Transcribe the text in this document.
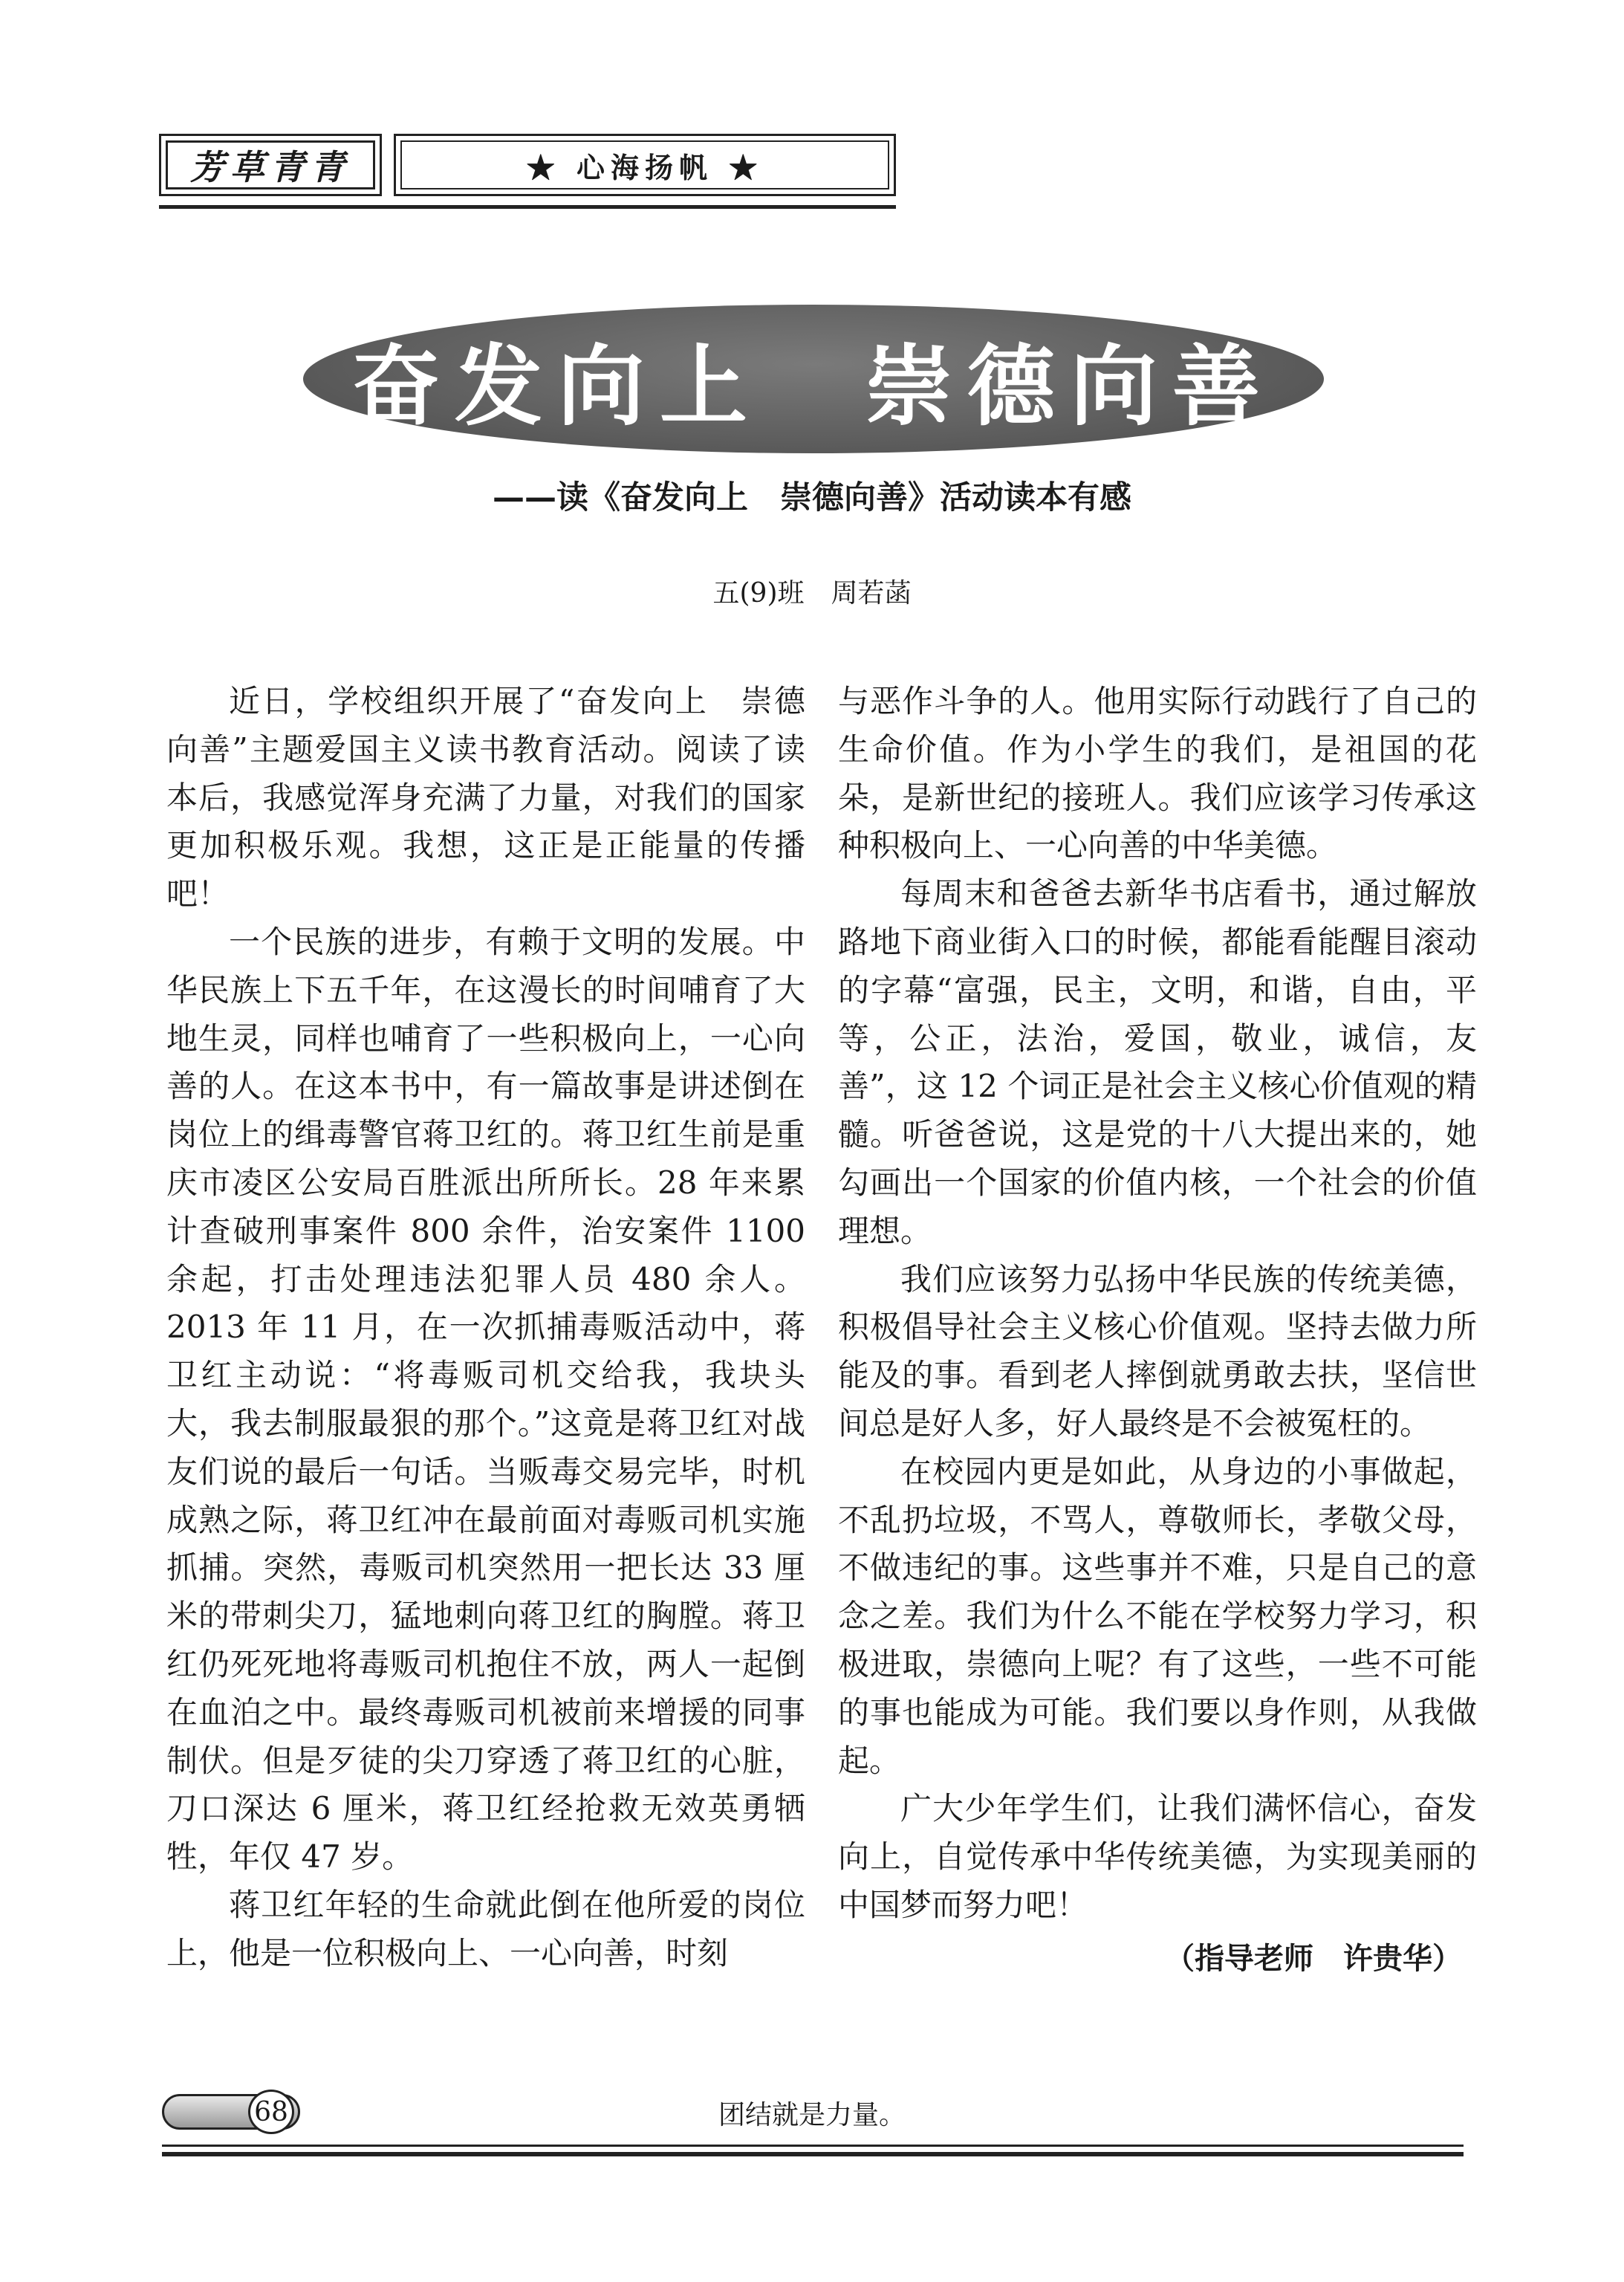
芳草青青	★ 心海扬帆 ★
奋发向上　崇德向善
——读《奋发向上　崇德向善》活动读本有感
五(9)班　周若菡

近日，学校组织开展了“奋发向上　崇德向善”主题爱国主义读书教育活动。阅读了读本后，我感觉浑身充满了力量，对我们的国家更加积极乐观。我想，这正是正能量的传播吧！

一个民族的进步，有赖于文明的发展。中华民族上下五千年，在这漫长的时间哺育了大地生灵，同样也哺育了一些积极向上，一心向善的人。在这本书中，有一篇故事是讲述倒在岗位上的缉毒警官蒋卫红的。蒋卫红生前是重庆市凌区公安局百胜派出所所长。28 年来累计查破刑事案件 800 余件，治安案件 1100 余起，打击处理违法犯罪人员 480 余人。2013 年 11 月，在一次抓捕毒贩活动中，蒋卫红主动说：“将毒贩司机交给我，我块头大，我去制服最狠的那个。”这竟是蒋卫红对战友们说的最后一句话。当贩毒交易完毕，时机成熟之际，蒋卫红冲在最前面对毒贩司机实施抓捕。突然，毒贩司机突然用一把长达 33 厘米的带刺尖刀，猛地刺向蒋卫红的胸膛。蒋卫红仍死死地将毒贩司机抱住不放，两人一起倒在血泊之中。最终毒贩司机被前来增援的同事制伏。但是歹徒的尖刀穿透了蒋卫红的心脏，刀口深达 6 厘米，蒋卫红经抢救无效英勇牺牲，年仅 47 岁。

蒋卫红年轻的生命就此倒在他所爱的岗位上，他是一位积极向上、一心向善，时刻

与恶作斗争的人。他用实际行动践行了自己的生命价值。作为小学生的我们，是祖国的花朵，是新世纪的接班人。我们应该学习传承这种积极向上、一心向善的中华美德。

每周末和爸爸去新华书店看书，通过解放路地下商业街入口的时候，都能看能醒目滚动的字幕“富强，民主，文明，和谐，自由，平等，公正，法治，爱国，敬业，诚信，友善”，这 12 个词正是社会主义核心价值观的精髓。听爸爸说，这是党的十八大提出来的，她勾画出一个国家的价值内核，一个社会的价值理想。

我们应该努力弘扬中华民族的传统美德，积极倡导社会主义核心价值观。坚持去做力所能及的事。看到老人摔倒就勇敢去扶，坚信世间总是好人多，好人最终是不会被冤枉的。

在校园内更是如此，从身边的小事做起，不乱扔垃圾，不骂人，尊敬师长，孝敬父母，不做违纪的事。这些事并不难，只是自己的意念之差。我们为什么不能在学校努力学习，积极进取，崇德向上呢？有了这些，一些不可能的事也能成为可能。我们要以身作则，从我做起。

广大少年学生们，让我们满怀信心，奋发向上，自觉传承中华传统美德，为实现美丽的中国梦而努力吧！

（指导老师　许贵华）
68	团结就是力量。
